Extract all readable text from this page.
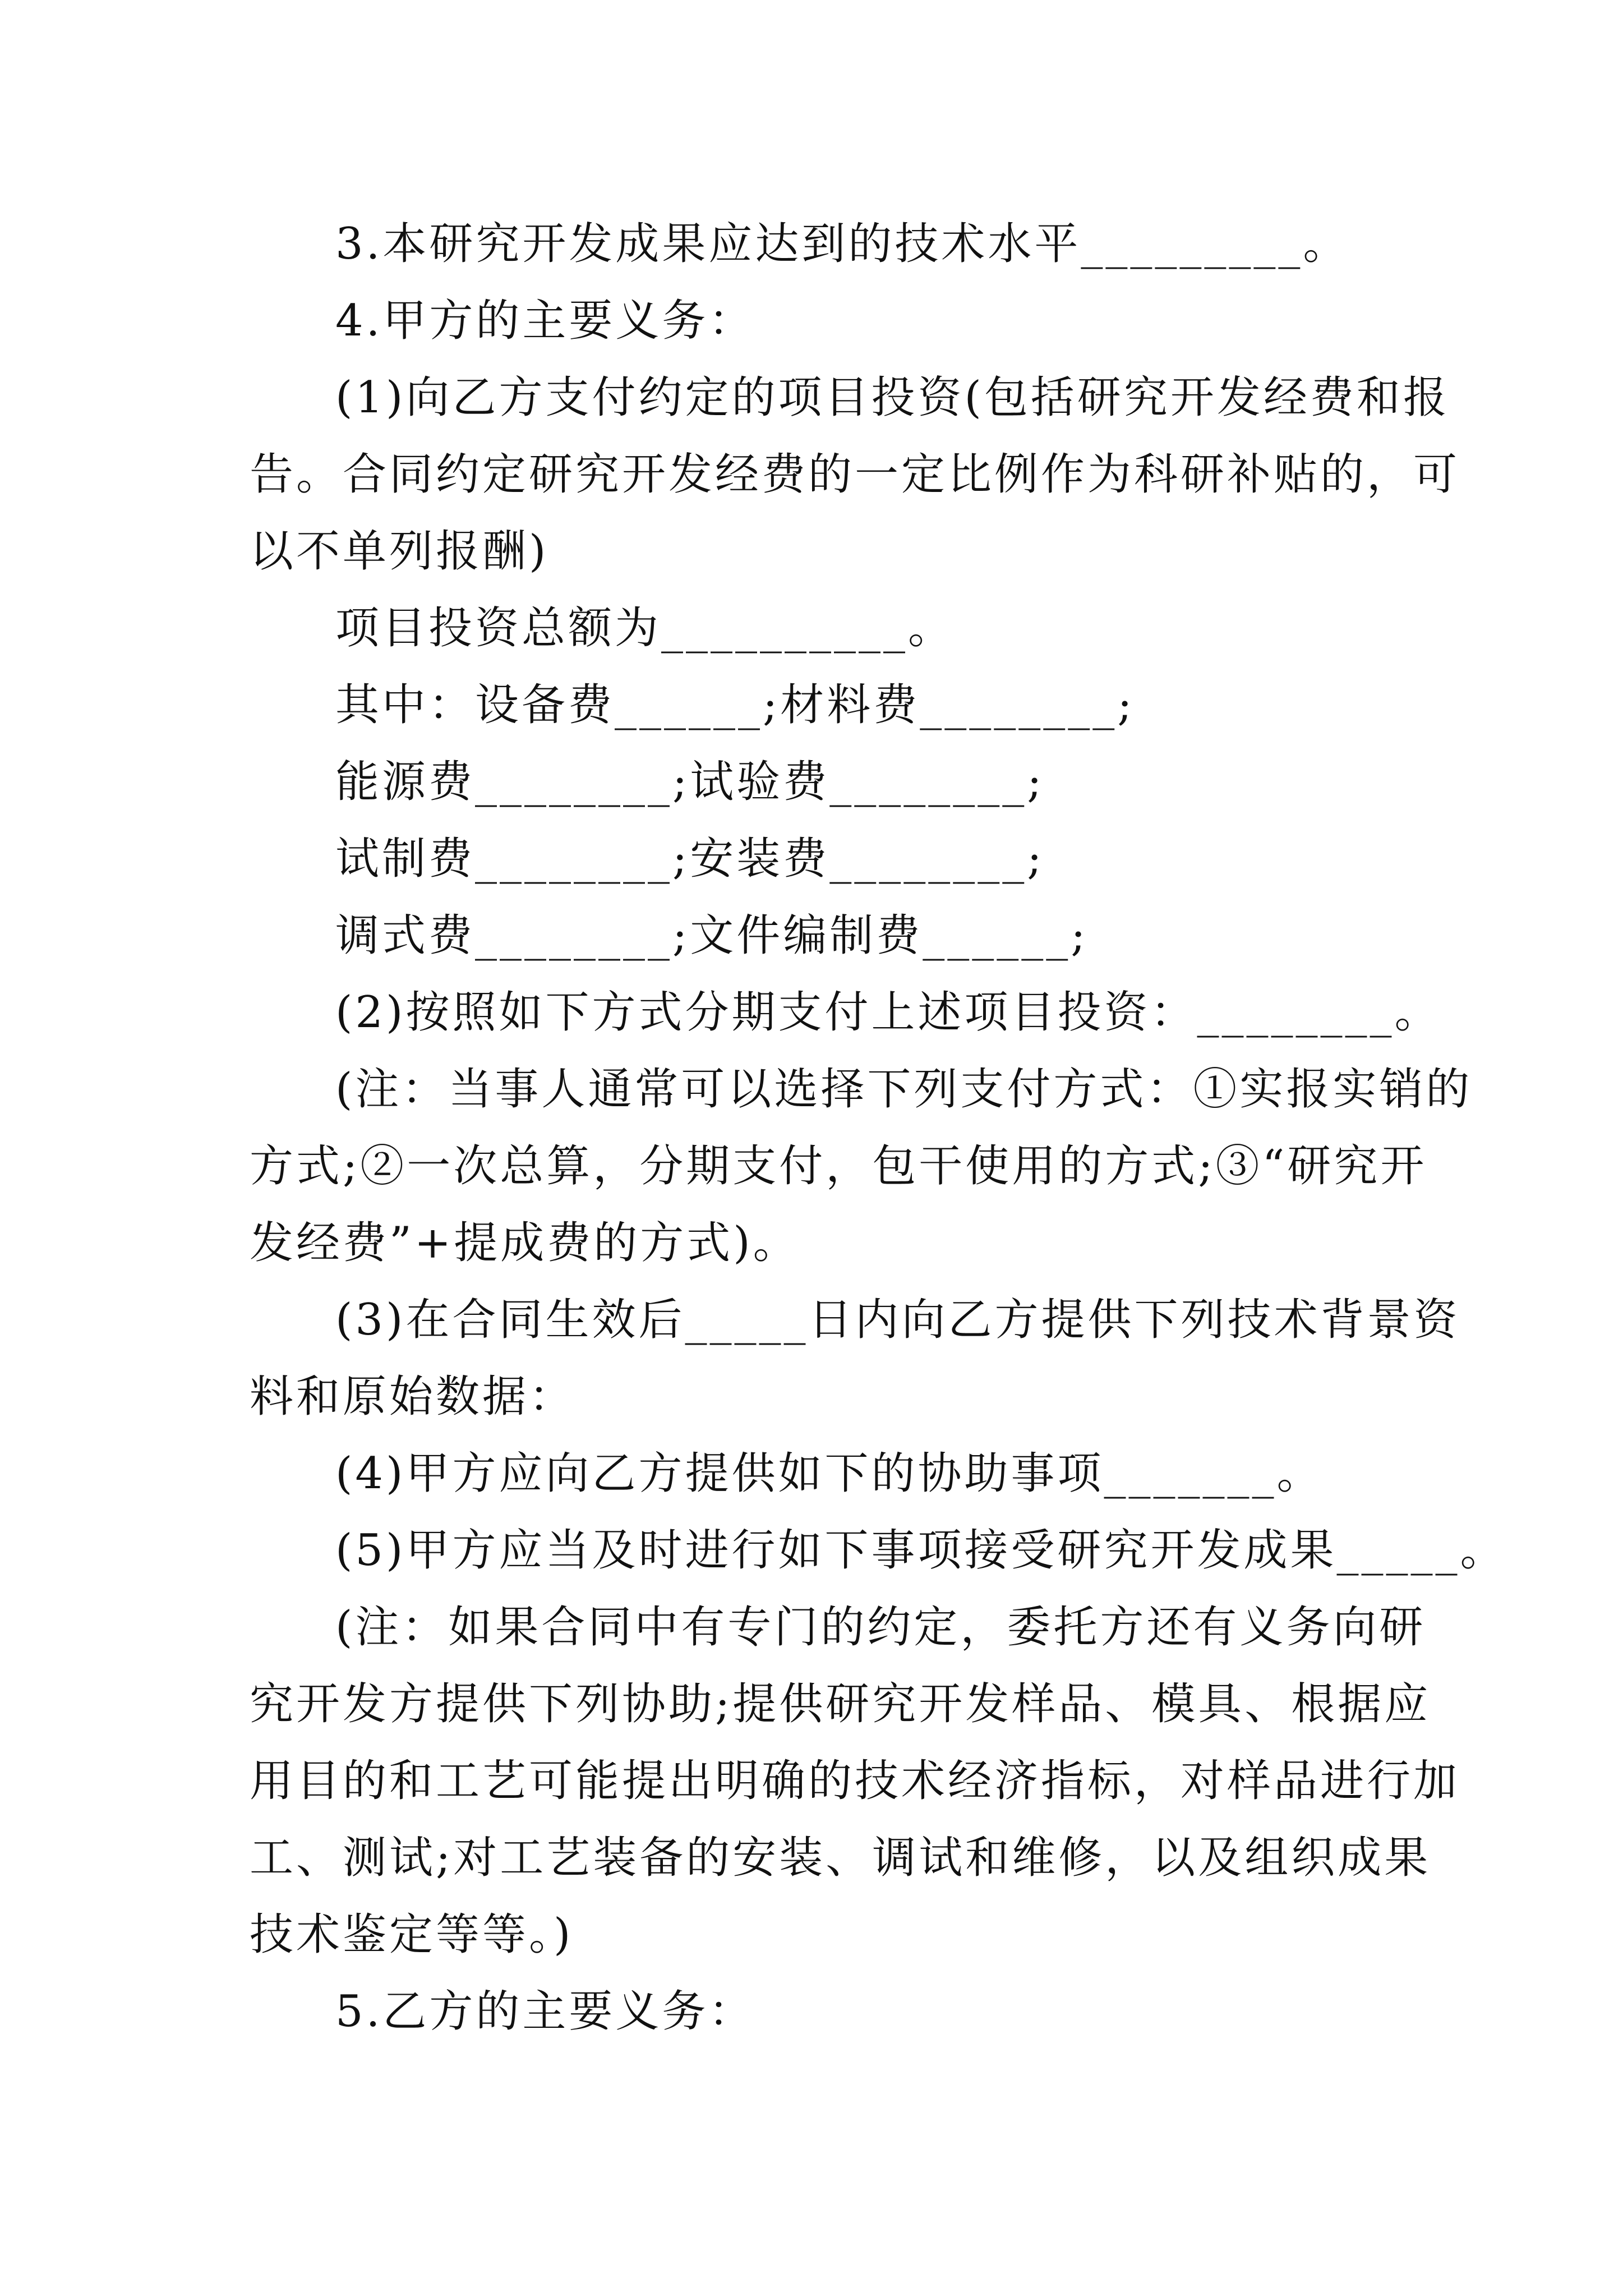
3.本研究开发成果应达到的技术水平_________。
4.甲方的主要义务：
(1)向乙方支付约定的项目投资(包括研究开发经费和报
告。合同约定研究开发经费的一定比例作为科研补贴的，可
以不单列报酬)
项目投资总额为__________。
其中：设备费______;材料费________;
能源费________;试验费________;
试制费________;安装费________;
调式费________;文件编制费______;
(2)按照如下方式分期支付上述项目投资：________。
(注：当事人通常可以选择下列支付方式：①实报实销的
方式;②一次总算，分期支付，包干使用的方式;③“研究开
发经费”+提成费的方式)。
(3)在合同生效后_____日内向乙方提供下列技术背景资
料和原始数据：
(4)甲方应向乙方提供如下的协助事项_______。
(5)甲方应当及时进行如下事项接受研究开发成果_____。
(注：如果合同中有专门的约定，委托方还有义务向研
究开发方提供下列协助;提供研究开发样品、模具、根据应
用目的和工艺可能提出明确的技术经济指标，对样品进行加
工、测试;对工艺装备的安装、调试和维修，以及组织成果
技术鉴定等等。)
5.乙方的主要义务：
